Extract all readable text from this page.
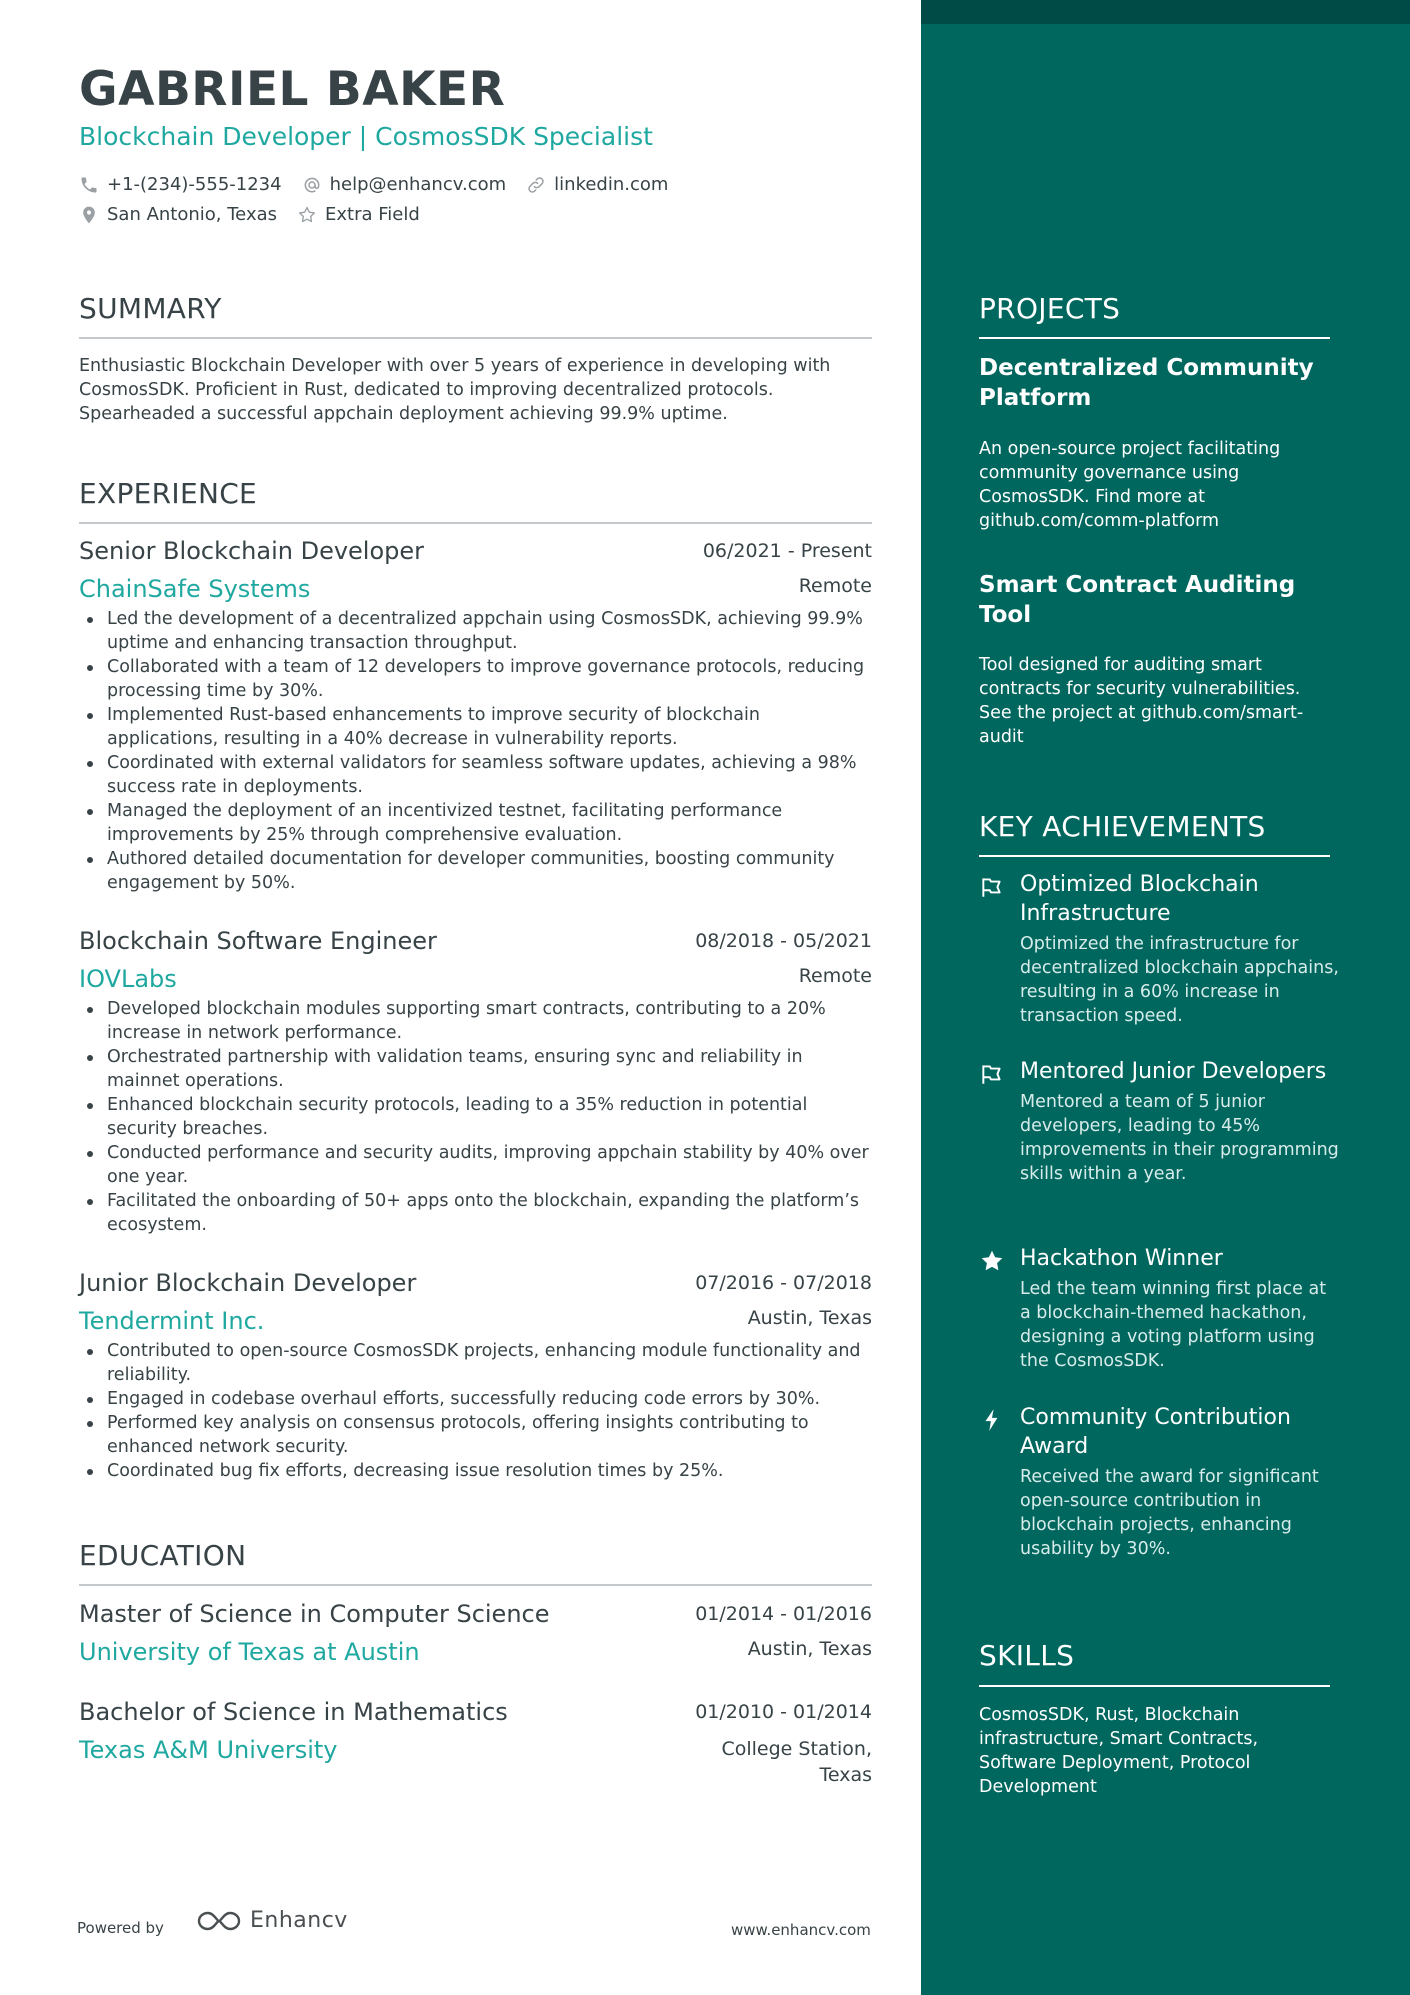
GABRIEL BAKER
Blockchain Developer | CosmosSDK Specialist
+1-(234)-555-1234	help@enhancv.com	linkedin.com
San Antonio, Texas	Extra Field
SUMMARY
Enthusiastic Blockchain Developer with over 5 years of experience in developing with CosmosSDK. Proficient in Rust, dedicated to improving decentralized protocols. Spearheaded a successful appchain deployment achieving 99.9% uptime.
EXPERIENCE
Senior Blockchain Developer	06/2021 - Present
ChainSafe Systems	Remote
Led the development of a decentralized appchain using CosmosSDK, achieving 99.9% uptime and enhancing transaction throughput.
Collaborated with a team of 12 developers to improve governance protocols, reducing processing time by 30%.
Implemented Rust-based enhancements to improve security of blockchain applications, resulting in a 40% decrease in vulnerability reports.
Coordinated with external validators for seamless software updates, achieving a 98% success rate in deployments.
Managed the deployment of an incentivized testnet, facilitating performance improvements by 25% through comprehensive evaluation.
Authored detailed documentation for developer communities, boosting community engagement by 50%.
Blockchain Software Engineer	08/2018 - 05/2021
IOVLabs	Remote
Developed blockchain modules supporting smart contracts, contributing to a 20% increase in network performance.
Orchestrated partnership with validation teams, ensuring sync and reliability in mainnet operations.
Enhanced blockchain security protocols, leading to a 35% reduction in potential security breaches.
Conducted performance and security audits, improving appchain stability by 40% over one year.
Facilitated the onboarding of 50+ apps onto the blockchain, expanding the platform’s ecosystem.
Junior Blockchain Developer	07/2016 - 07/2018
Tendermint Inc.	Austin, Texas
Contributed to open-source CosmosSDK projects, enhancing module functionality and reliability.
Engaged in codebase overhaul efforts, successfully reducing code errors by 30%.
Performed key analysis on consensus protocols, offering insights contributing to enhanced network security.
Coordinated bug fix efforts, decreasing issue resolution times by 25%.
EDUCATION
Master of Science in Computer Science	01/2014 - 01/2016
University of Texas at Austin	Austin, Texas
Bachelor of Science in Mathematics	01/2010 - 01/2014
Texas A&M University	College Station, Texas
Powered by	Enhancv	www.enhancv.com
PROJECTS
Decentralized Community Platform
An open-source project facilitating community governance using CosmosSDK. Find more at github.com/comm-platform
Smart Contract Auditing Tool
Tool designed for auditing smart contracts for security vulnerabilities. See the project at github.com/smart-audit
KEY ACHIEVEMENTS
Optimized Blockchain Infrastructure
Optimized the infrastructure for decentralized blockchain appchains, resulting in a 60% increase in transaction speed.
Mentored Junior Developers
Mentored a team of 5 junior developers, leading to 45% improvements in their programming skills within a year.
Hackathon Winner
Led the team winning first place at a blockchain-themed hackathon, designing a voting platform using the CosmosSDK.
Community Contribution Award
Received the award for significant open-source contribution in blockchain projects, enhancing usability by 30%.
SKILLS
CosmosSDK, Rust, Blockchain infrastructure, Smart Contracts, Software Deployment, Protocol Development
